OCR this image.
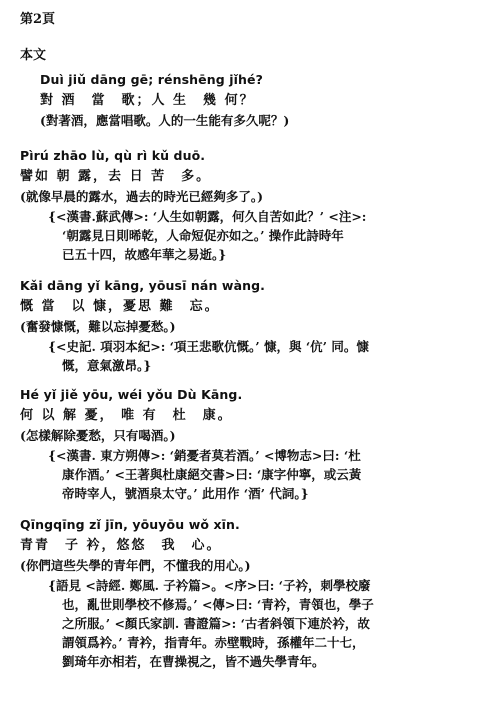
第2頁
本文
Duì jiǔ dāng gē; rénshēng jǐhé?
對 酒　當　歌；人 生　幾 何？
(對著酒，應當唱歌。人的一生能有多久呢？)
Pìrú zhāo lù, qù rì kǔ duō.
譬如 朝 露，去 日 苦　多。
(就像早晨的露水，過去的時光已經夠多了。)
{<漢書.蘇武傳>: ‘人生如朝露，何久自苦如此？’ <注>:
‘朝露見日則晞乾，人命短促亦如之。’ 操作此詩時年
已五十四，故感年華之易逝。}
Kǎi dāng yǐ kāng, yōusī nán wàng.
慨 當　以 慷，憂思 難　忘。
(奮發慷慨，難以忘掉憂愁。)
{<史記. 項羽本紀>: ‘項王悲歌伉慨。’ 慷，與 ‘伉’ 同。慷
慨，意氣激昂。}
Hé yǐ jiě yōu, wéi yǒu Dù Kāng.
何 以 解 憂， 唯 有　杜　康。
(怎樣解除憂愁，只有喝酒。)
{<漢書. 東方朔傳>: ‘銷憂者莫若酒。’ <博物志>曰: ‘杜
康作酒。’ <王著與杜康絕交書>曰: ‘康字仲寧，或云黃
帝時宰人，號酒泉太守。’ 此用作 ‘酒’ 代詞。}
Qīngqīng zǐ jīn, yōuyōu wǒ xīn.
青青　子 衿，悠悠　我　心。
(你們這些失學的青年們，不懂我的用心。)
{語見 <詩經. 鄭風. 子衿篇>。<序>曰: ‘子衿，刺學校廢
也，亂世則學校不修焉。’ <傳>曰: ‘青衿，青領也，學子
之所服。’ <顏氏家訓. 書證篇>: ‘古者斜領下連於衿，故
謂領爲衿。’ 青衿，指青年。赤壁戰時，孫權年二十七，
劉琦年亦相若，在曹操視之，皆不過失學青年。
